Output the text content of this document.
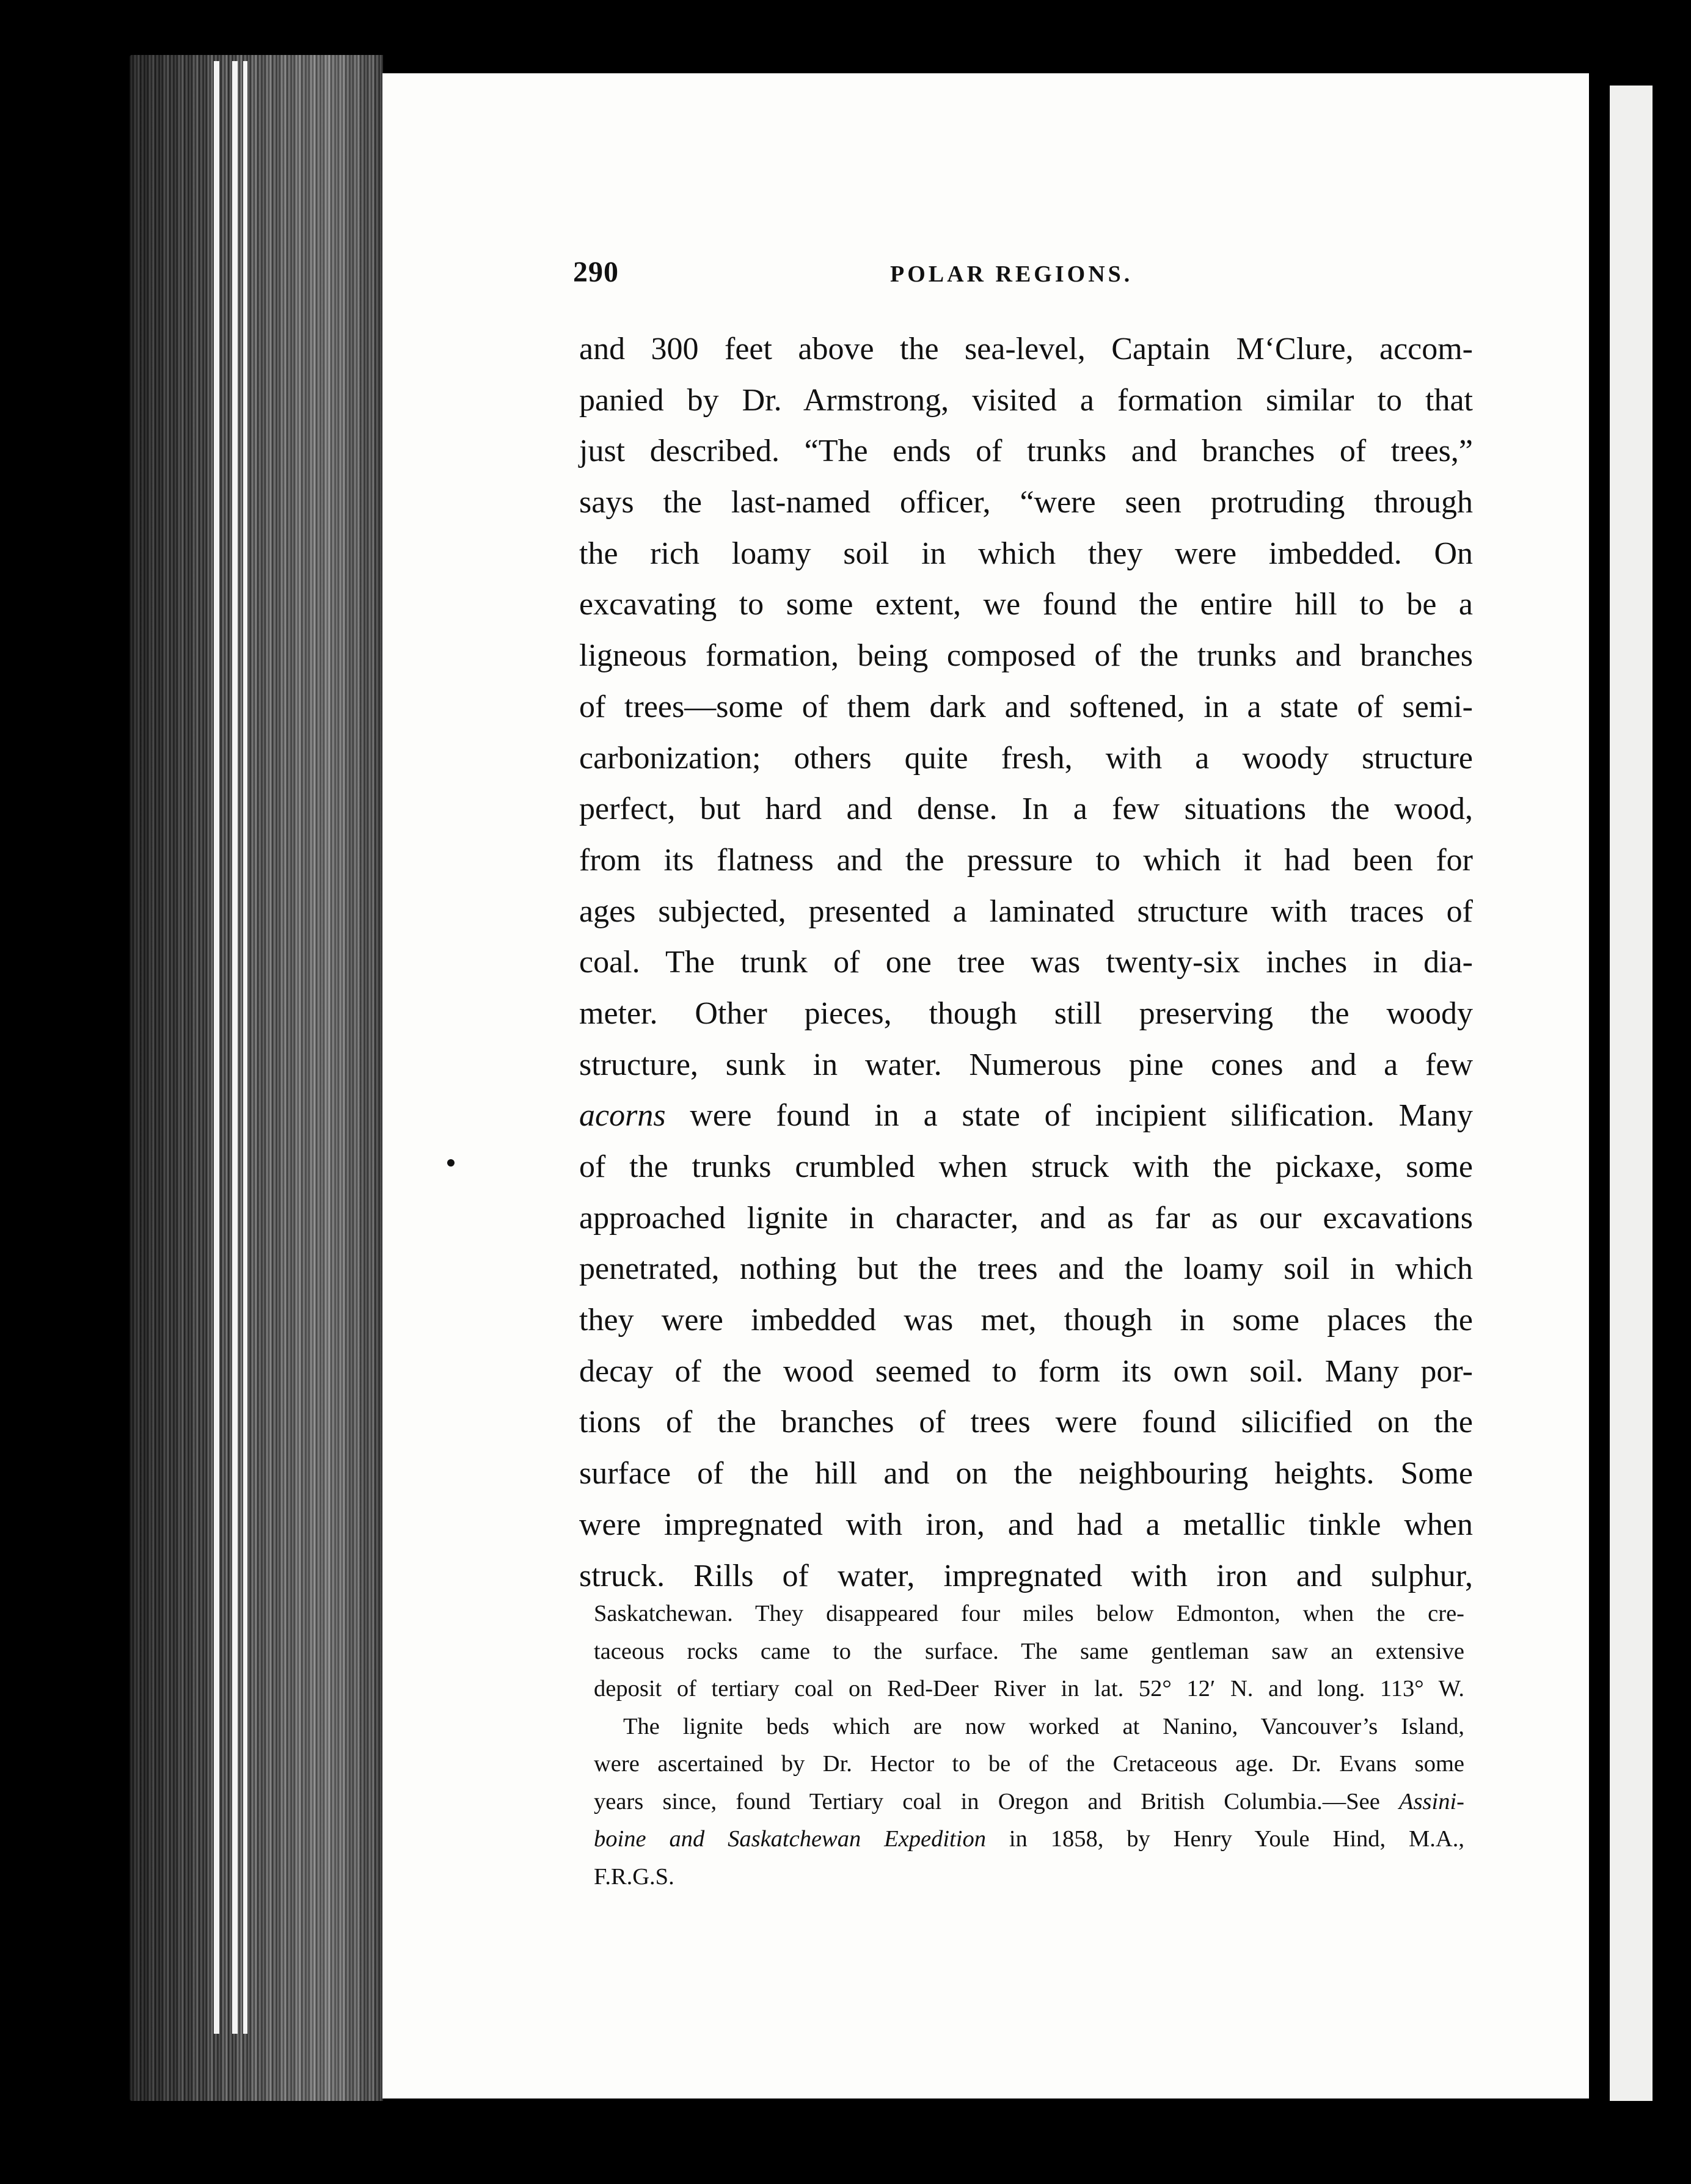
290	POLAR REGIONS.
and 300 feet above the sea-level, Captain M‘Clure, accom-
panied by Dr. Armstrong, visited a formation similar to that
just described. “The ends of trunks and branches of trees,”
says the last-named officer, “were seen protruding through
the rich loamy soil in which they were imbedded. On
excavating to some extent, we found the entire hill to be a
ligneous formation, being composed of the trunks and branches
of trees—some of them dark and softened, in a state of semi-
carbonization; others quite fresh, with a woody structure
perfect, but hard and dense. In a few situations the wood,
from its flatness and the pressure to which it had been for
ages subjected, presented a laminated structure with traces of
coal. The trunk of one tree was twenty-six inches in dia-
meter. Other pieces, though still preserving the woody
structure, sunk in water. Numerous pine cones and a few
acorns were found in a state of incipient silification. Many
of the trunks crumbled when struck with the pickaxe, some
approached lignite in character, and as far as our excavations
penetrated, nothing but the trees and the loamy soil in which
they were imbedded was met, though in some places the
decay of the wood seemed to form its own soil. Many por-
tions of the branches of trees were found silicified on the
surface of the hill and on the neighbouring heights. Some
were impregnated with iron, and had a metallic tinkle when
struck. Rills of water, impregnated with iron and sulphur,
Saskatchewan. They disappeared four miles below Edmonton, when the cre-
taceous rocks came to the surface. The same gentleman saw an extensive
deposit of tertiary coal on Red-Deer River in lat. 52° 12′ N. and long. 113° W.
The lignite beds which are now worked at Nanino, Vancouver’s Island,
were ascertained by Dr. Hector to be of the Cretaceous age. Dr. Evans some
years since, found Tertiary coal in Oregon and British Columbia.—See Assini-
boine and Saskatchewan Expedition in 1858, by Henry Youle Hind, M.A.,
F.R.G.S.
